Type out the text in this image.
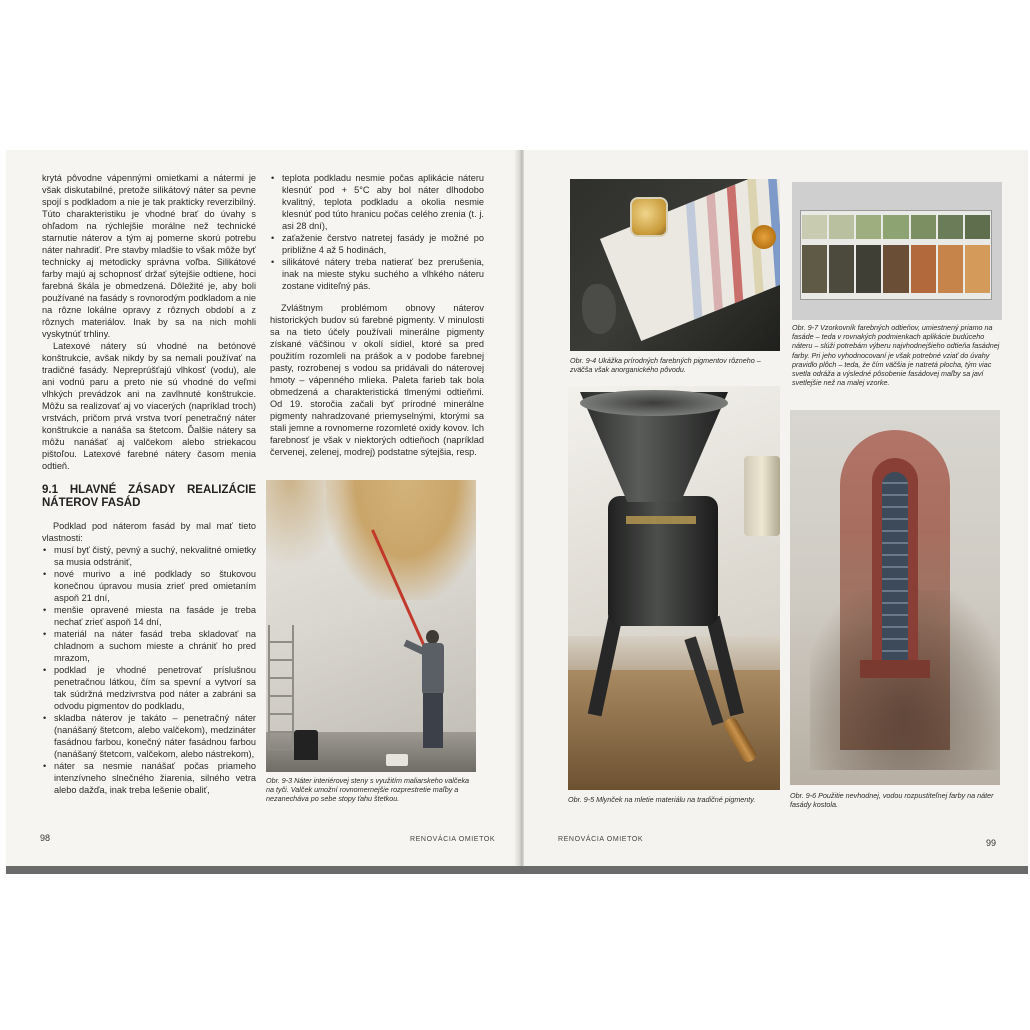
krytá pôvodne vápennými omietkami a nátermi je však diskutabilné, pretože silikátový náter sa pevne spojí s podkladom a nie je tak prakticky reverzibilný. Túto charakteristiku je vhodné brať do úvahy s ohľadom na rýchlejšie morálne než technické starnutie náterov a tým aj pomerne skorú potrebu náter nahradiť. Pre stavby mladšie to však môže byť technicky aj metodicky správna voľba. Silikátové farby majú aj schopnosť držať sýtejšie odtiene, hoci farebná škála je obmedzená. Dôležité je, aby boli používané na fasády s rovnorodým podkladom a nie na rôzne lokálne opravy z rôznych období a z rôznych materiálov. Inak by sa na nich mohli vyskytnúť trhliny.

Latexové nátery sú vhodné na betónové konštrukcie, avšak nikdy by sa nemali používať na tradičné fasády. Nepreprúšťajú vlhkosť (vodu), ale ani vodnú paru a preto nie sú vhodné do veľmi vlhkých prevádzok ani na zavlhnuté konštrukcie. Môžu sa realizovať aj vo viacerých (napríklad troch) vrstvách, pričom prvá vrstva tvorí penetračný náter konštrukcie a nanáša sa štetcom. Ďalšie nátery sa môžu nanášať aj valčekom alebo striekacou pištoľou. Latexové farebné nátery časom menia odtieň.

9.1 HLAVNÉ ZÁSADY REALIZÁCIE NÁTEROV FASÁD

Podklad pod náterom fasád by mal mať tieto vlastnosti:

• musí byť čistý, pevný a suchý, nekvalitné omietky sa musia odstrániť,
• nové murivo a iné podklady so štukovou konečnou úpravou musia zrieť pred omietaním aspoň 21 dní,
• menšie opravené miesta na fasáde je treba nechať zrieť aspoň 14 dní,
• materiál na náter fasád treba skladovať na chladnom a suchom mieste a chrániť ho pred mrazom,
• podklad je vhodné penetrovať príslušnou penetračnou látkou, čím sa spevní a vytvorí sa tak súdržná medzivrstva pod náter a zabráni sa odvodu pigmentov do podkladu,
• skladba náterov je takáto – penetračný náter (nanášaný štetcom, alebo valčekom), medzináter fasádnou farbou, konečný náter fasádnou farbou (nanášaný štetcom, valčekom, alebo nástrekom),
• náter sa nesmie nanášať počas priameho intenzívneho slnečného žiarenia, silného vetra alebo dažďa, inak treba lešenie obaliť,
• teplota podkladu nesmie počas aplikácie náteru klesnúť pod + 5°C aby bol náter dlhodobo kvalitný, teplota podkladu a okolia nesmie klesnúť pod túto hranicu počas celého zrenia (t. j. asi 28 dní),
• zaťaženie čerstvo natretej fasády je možné po približne 4 až 5 hodinách,
• silikátové nátery treba natierať bez prerušenia, inak na mieste styku suchého a vlhkého náteru zostane viditeľný pás.

Zvláštnym problémom obnovy náterov historických budov sú farebné pigmenty. V minulosti sa na tieto účely používali minerálne pigmenty získané väčšinou v okolí sídiel, ktoré sa pred použitím rozomleli na prášok a v podobe farebnej pasty, rozrobenej s vodou sa pridávali do náterovej hmoty – vápenného mlieka. Paleta farieb tak bola obmedzená a charakteristická tlmenými odtieňmi. Od 19. storočia začali byť prírodné minerálne pigmenty nahradzované priemyselnými, ktorými sa stali jemne a rovnomerne rozomleté oxidy kovov. Ich farebnosť je však v niektorých odtieňoch (napríklad červenej, zelenej, modrej) podstatne sýtejšia, resp.

Obr. 9-3 Náter interiérovej steny s využitím maliarskeho valčeka na tyči. Valček umožní rovnomernejšie rozprestretie maľby a nezanecháva po sebe stopy ťahu štetkou.
98	RENOVÁCIA OMIETOK
Obr. 9-4 Ukážka prírodných farebných pigmentov rôzneho – zväčša však anorganického pôvodu.
Obr. 9-7 Vzorkovník farebných odtieňov, umiestnený priamo na fasáde – teda v rovnakých podmienkach aplikácie budúceho náteru – slúži potrebám výberu najvhodnejšieho odtieňa fasádnej farby. Pri jeho vyhodnocovaní je však potrebné vziať do úvahy pravidlo plôch – teda, že čím väčšia je natretá plocha, tým viac svetla odráža a výsledné pôsobenie fasádovej maľby sa javí svetlejšie než na malej vzorke.
Obr. 9-5 Mlynček na mletie materiálu na tradičné pigmenty.	Obr. 9-6 Použitie nevhodnej, vodou rozpustiteľnej farby na náter fasády kostola.
RENOVÁCIA OMIETOK	99
